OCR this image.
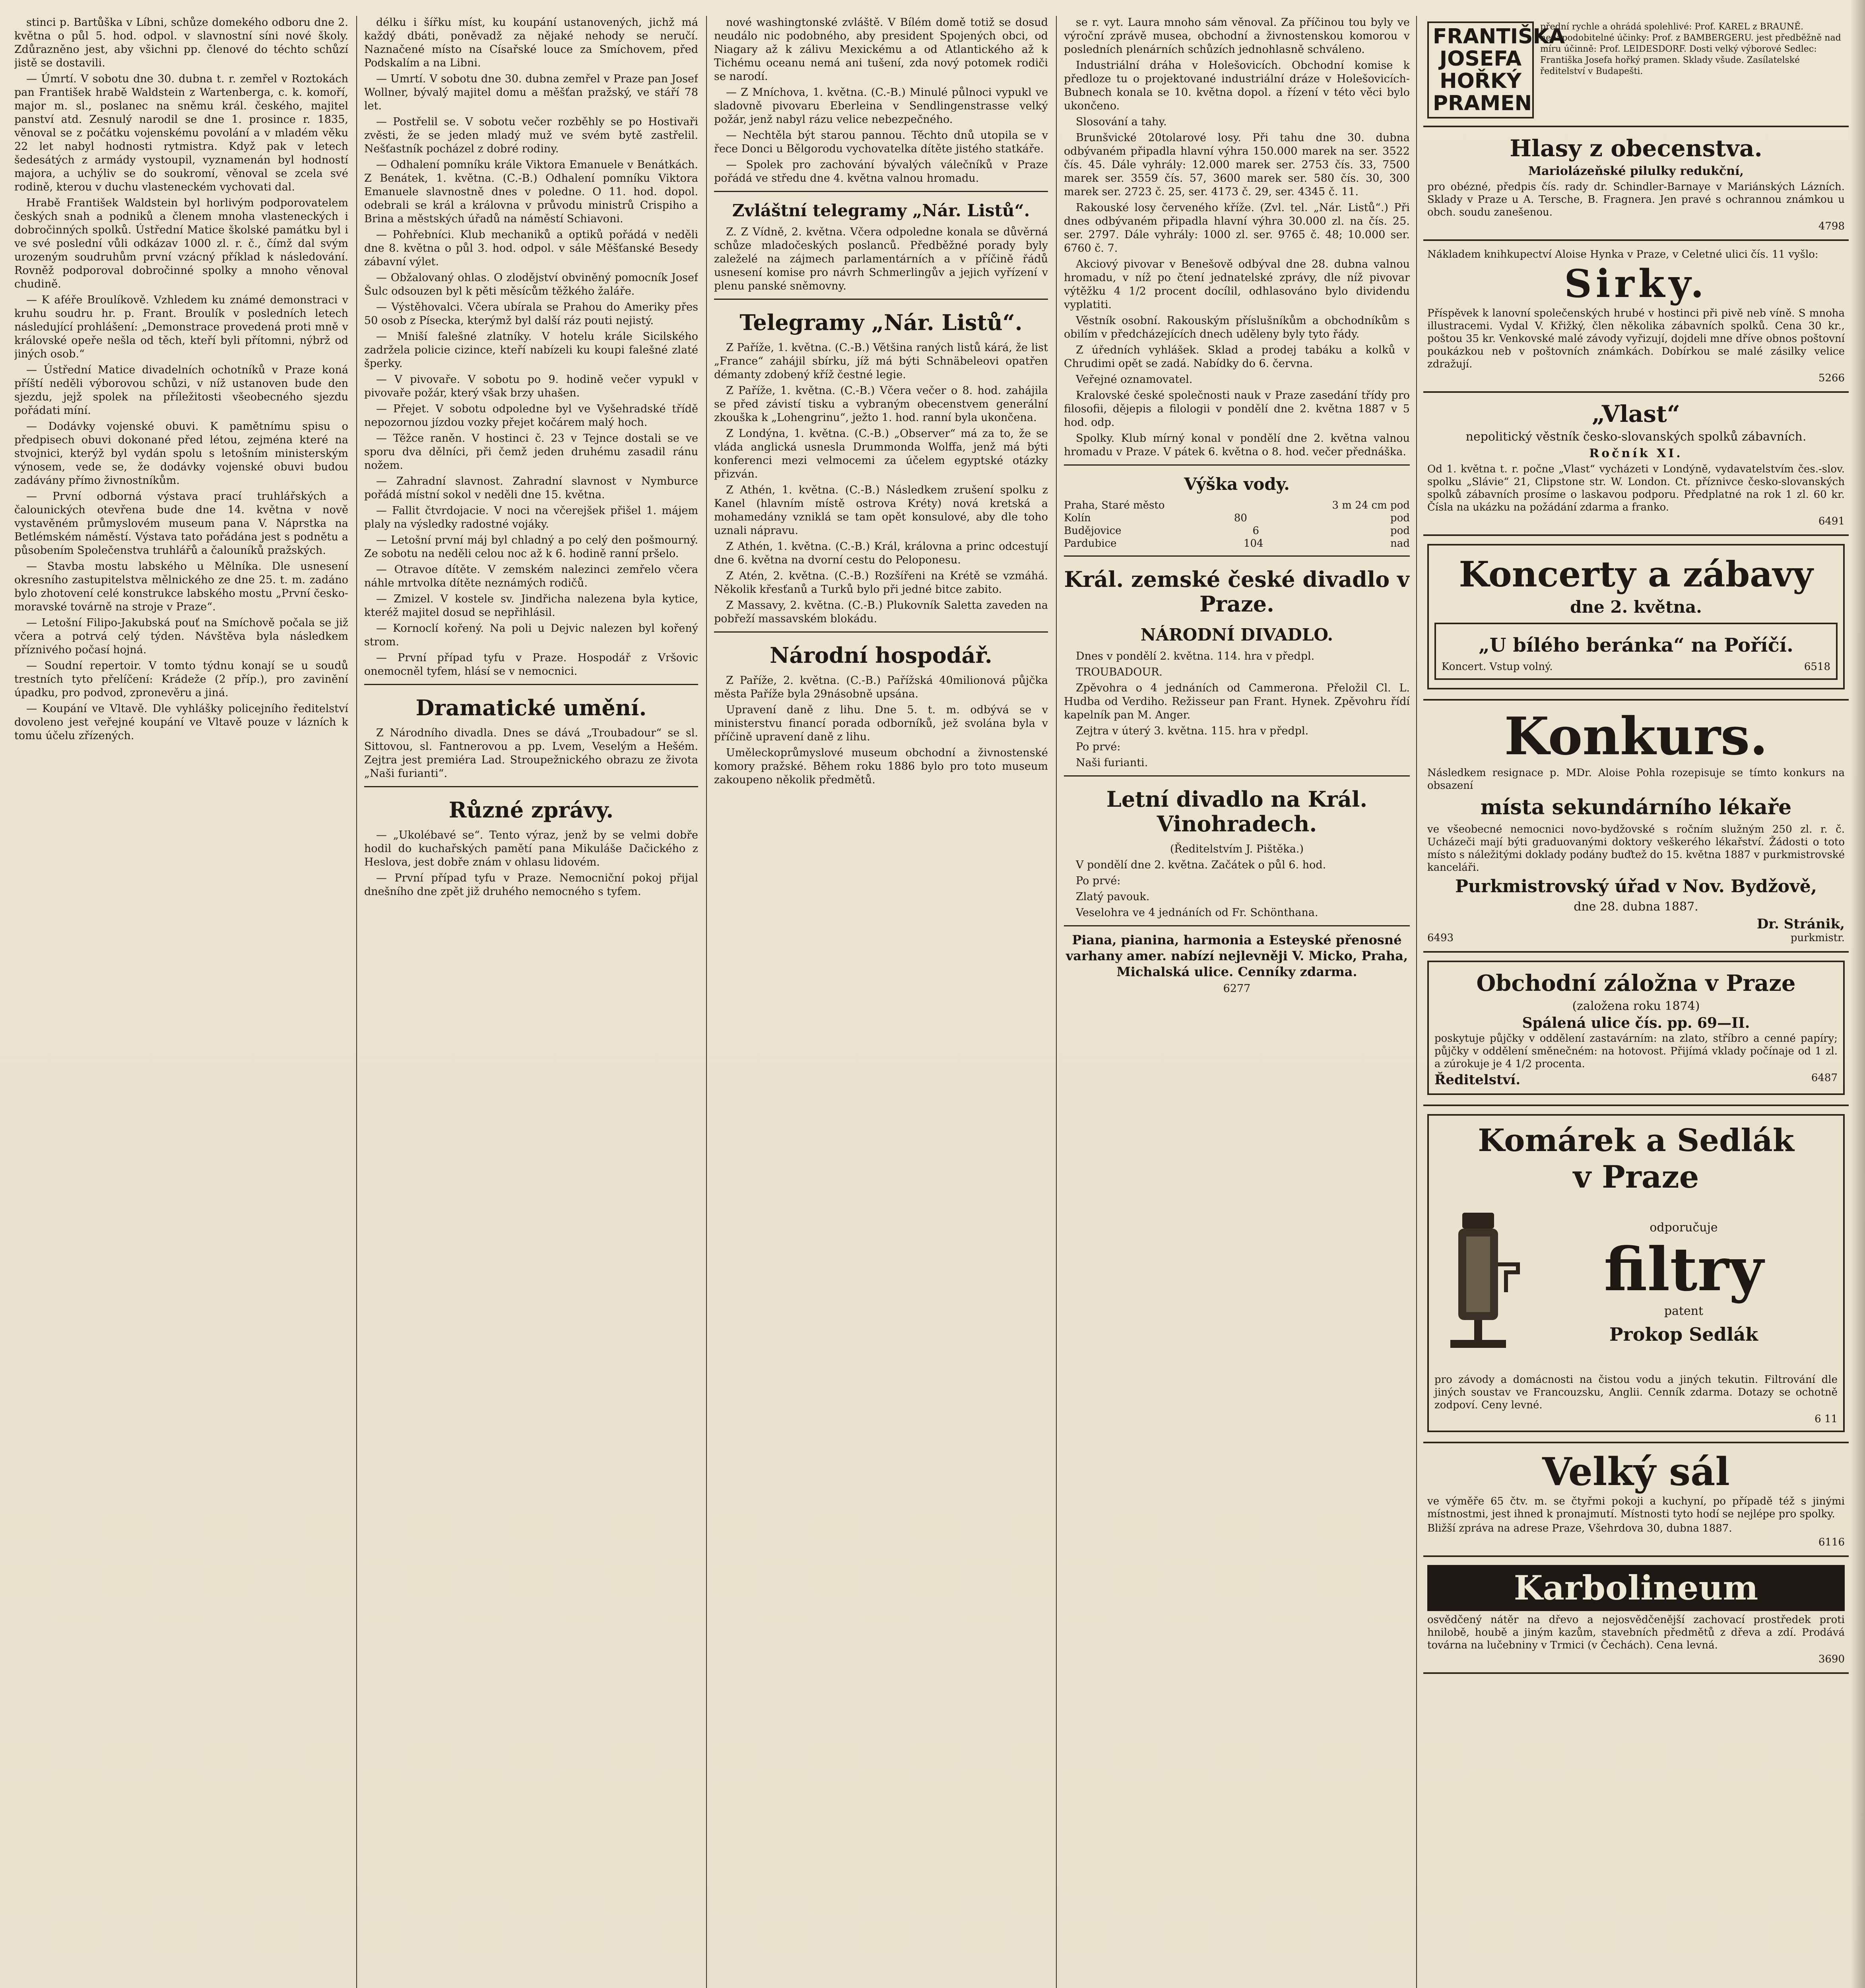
stinci p. Bartůška v Líbni, schůze domekého odboru dne 2. května o půl 5. hod. odpol. v slavnostní síni nové školy. Zdůrazněno jest, aby všichni pp. členové do téchto schůzí jistě se dostavili.

— Úmrtí. V sobotu dne 30. dubna t. r. zemřel v Roztokách pan František hrabě Waldstein z Wartenberga, c. k. komoří, major m. sl., poslanec na sněmu král. českého, majitel panství atd. Zesnulý narodil se dne 1. prosince r. 1835, věnoval se z počátku vojenskému povolání a v mladém věku 22 let nabyl hodnosti rytmistra. Když pak v letech šedesátých z armády vystoupil, vyznamenán byl hodností majora, a uchýliv se do soukromí, věnoval se zcela své rodině, kterou v duchu vlasteneckém vychovati dal.

Hrabě František Waldstein byl horlivým podporovatelem českých snah a podniků a členem mnoha vlasteneckých i dobročinných spolků. Ústřední Matice školské památku byl i ve své poslední vůli odkázav 1000 zl. r. č., čímž dal svým urozeným soudruhům první vzácný příklad k následování. Rovněž podporoval dobročinné spolky a mnoho věnoval chudině.

— K aféře Broulíkově. Vzhledem ku známé demonstraci v kruhu soudru hr. p. Frant. Broulík v posledních letech následující prohlášení: „Demonstrace provedená proti mně v královské opeře nešla od těch, kteří byli přítomni, nýbrž od jiných osob.“

— Ústřední Matice divadelních ochotníků v Praze koná příští neděli výborovou schůzi, v níž ustanoven bude den sjezdu, jejž spolek na příležitosti všeobecného sjezdu pořádati míní.

— Dodávky vojenské obuvi. K pamětnímu spisu o předpisech obuvi dokonané před létou, zejména které na stvojnici, kterýž byl vydán spolu s letošním ministerským výnosem, vede se, že dodávky vojenské obuvi budou zadávány přímo živnostníkům.

— První odborná výstava prací truhlářských a čalounických otevřena bude dne 14. května v nově vystavěném průmyslovém museum pana V. Náprstka na Betlémském náměstí. Výstava tato pořádána jest s podnětu a působením Společenstva truhlářů a čalouníků pražských.

— Stavba mostu labského u Mělníka. Dle usnesení okresního zastupitelstva mělnického ze dne 25. t. m. zadáno bylo zhotovení celé konstrukce labského mostu „První česko-moravské továrně na stroje v Praze“.

— Letošní Filipo-Jakubská pouť na Smíchově počala se již včera a potrvá celý týden. Návštěva byla následkem příznivého počasí hojná.

— Soudní repertoir. V tomto týdnu konají se u soudů trestních tyto přelíčení: Krádeže (2 příp.), pro zavinění úpadku, pro podvod, zpronevěru a jiná.

— Koupání ve Vltavě. Dle vyhlášky policejního ředitelství dovoleno jest veřejné koupání ve Vltavě pouze v lázních k tomu účelu zřízených.

délku i šířku míst, ku koupání ustanovených, jichž má každý dbáti, poněvadž za nějaké nehody se neručí. Naznačené místo na Císařské louce za Smíchovem, před Podskalím a na Libni.

— Umrtí. V sobotu dne 30. dubna zemřel v Praze pan Josef Wollner, bývalý majitel domu a měšťan pražský, ve stáří 78 let.

— Postřelil se. V sobotu večer rozběhly se po Hostivaři zvěsti, že se jeden mladý muž ve svém bytě zastřelil. Nešťastník pocházel z dobré rodiny.

— Odhalení pomníku krále Viktora Emanuele v Benátkách. Z Benátek, 1. května. (C.-B.) Odhalení pomníku Viktora Emanuele slavnostně dnes v poledne. O 11. hod. dopol. odebrali se král a královna v průvodu ministrů Crispiho a Brina a městských úřadů na náměstí Schiavoni.

— Pohřebníci. Klub mechaniků a optiků pořádá v neděli dne 8. května o půl 3. hod. odpol. v sále Měšťanské Besedy zábavní výlet.

— Obžalovaný ohlas. O zlodějství obviněný pomocník Josef Šulc odsouzen byl k pěti měsícům těžkého žaláře.

— Výstěhovalci. Včera ubírala se Prahou do Ameriky přes 50 osob z Písecka, kterýmž byl další ráz pouti nejistý.

— Mniší falešné zlatníky. V hotelu krále Sicilského zadržela policie cizince, kteří nabízeli ku koupi falešné zlaté šperky.

— V pivovaře. V sobotu po 9. hodině večer vypukl v pivovaře požár, který však brzy uhašen.

— Přejet. V sobotu odpoledne byl ve Vyšehradské třídě nepozornou jízdou vozky přejet kočárem malý hoch.

— Těžce raněn. V hostinci č. 23 v Tejnce dostali se ve sporu dva dělníci, při čemž jeden druhému zasadil ránu nožem.

— Zahradní slavnost. Zahradní slavnost v Nymburce pořádá místní sokol v neděli dne 15. května.

— Fallit čtvrdojacie. V noci na včerejšek přišel 1. májem plaly na výsledky radostné vojáky.

— Letošní první máj byl chladný a po celý den pošmourný. Ze sobotu na neděli celou noc až k 6. hodině ranní pršelo.

— Otravoe dítěte. V zemském nalezinci zemřelo včera náhle mrtvolka dítěte neznámých rodičů.

— Zmizel. V kostele sv. Jindřicha nalezena byla kytice, kteréž majitel dosud se nepřihlásil.

— Kornoclí kořený. Na poli u Dejvic nalezen byl kořený strom.

— První případ tyfu v Praze. Hospodář z Vršovic onemocněl tyfem, hlásí se v nemocnici.

Dramatické umění.

Z Národního divadla. Dnes se dává „Troubadour“ se sl. Sittovou, sl. Fantnerovou a pp. Lvem, Veselým a Hešém. Zejtra jest premiéra Lad. Stroupežnického obrazu ze života „Naši furianti“.

Různé zprávy.

— „Ukolébavé se“. Tento výraz, jenž by se velmi dobře hodil do kuchařských pamětí pana Mikuláše Dačického z Heslova, jest dobře znám v ohlasu lidovém.

— První případ tyfu v Praze. Nemocniční pokoj přijal dnešního dne zpět již druhého nemocného s tyfem.

nové washingtonské zvláště. V Bílém domě totiž se dosud neudálo nic podobného, aby president Spojených obci, od Niagary až k zálivu Mexickému a od Atlantického až k Tichému oceanu nemá ani tušení, zda nový potomek rodiči se narodí.

— Z Mníchova, 1. května. (C.-B.) Minulé půlnoci vypukl ve sladovně pivovaru Eberleina v Sendlingenstrasse velký požár, jenž nabyl rázu velice nebezpečného.

— Nechtěla být starou pannou. Těchto dnů utopila se v řece Donci u Bělgorodu vychovatelka dítěte jistého statkáře.

— Spolek pro zachování bývalých válečníků v Praze pořádá ve středu dne 4. května valnou hromadu.

Zvláštní telegramy „Nár. Listů“.

Z. Z Vídně, 2. května. Včera odpoledne konala se důvěrná schůze mladočeských poslanců. Předběžné porady byly zaleželé na zájmech parlamentárních a v příčině řádů usnesení komise pro návrh Schmerlingův a jejich vyřízení v plenu panské sněmovny.

Telegramy „Nár. Listů“.

Z Paříže, 1. května. (C.-B.) Většina raných listů kárá, že list „France“ zahájil sbírku, jíž má býti Schnäbeleovi opatřen démanty zdobený kříž čestné legie.

Z Paříže, 1. května. (C.-B.) Včera večer o 8. hod. zahájila se před závistí tisku a vybraným obecenstvem generální zkouška k „Lohengrinu“, ježto 1. hod. ranní byla ukončena.

Z Londýna, 1. května. (C.-B.) „Observer“ má za to, že se vláda anglická usnesla Drummonda Wolffa, jenž má býti konferenci mezi velmocemi za účelem egyptské otázky přizván.

Z Athén, 1. května. (C.-B.) Následkem zrušení spolku z Kanel (hlavním místě ostrova Kréty) nová kretská a mohamedány vzniklá se tam opět konsulové, aby dle toho uznali nápravu.

Z Athén, 1. května. (C.-B.) Král, královna a princ odcestují dne 6. května na dvorní cestu do Peloponesu.

Z Atén, 2. května. (C.-B.) Rozšířeni na Krétě se vzmáhá. Několik křesťanů a Turků bylo při jedné bitce zabito.

Z Massavy, 2. května. (C.-B.) Plukovník Saletta zaveden na pobřeží massavském blokádu.

Národní hospodář.

Z Paříže, 2. května. (C.-B.) Pařížská 40milionová půjčka města Paříže byla 29násobně upsána.

Upravení daně z lihu. Dne 5. t. m. odbývá se v ministerstvu financí porada odborníků, jež svolána byla v příčině upravení daně z lihu.

Uměleckoprůmyslové museum obchodní a živnostenské komory pražské. Během roku 1886 bylo pro toto museum zakoupeno několik předmětů.

se r. vyt. Laura mnoho sám věnoval. Za příčinou tou byly ve výroční zprávě musea, obchodní a živnostenskou komorou v posledních plenárních schůzích jednohlasně schváleno.

Industriální dráha v Holešovicích. Obchodní komise k předloze tu o projektované industriální dráze v Holešovicích-Bubnech konala se 10. května dopol. a řízení v této věci bylo ukončeno.

Slosování a tahy.

Brunšvické 20tolarové losy. Při tahu dne 30. dubna odbývaném připadla hlavní výhra 150.000 marek na ser. 3522 čís. 45. Dále vyhrály: 12.000 marek ser. 2753 čís. 33, 7500 marek ser. 3559 čís. 57, 3600 marek ser. 580 čís. 30, 300 marek ser. 2723 č. 25, ser. 4173 č. 29, ser. 4345 č. 11.

Rakouské losy červeného kříže. (Zvl. tel. „Nár. Listů“.) Při dnes odbývaném připadla hlavní výhra 30.000 zl. na čís. 25. ser. 2797. Dále vyhrály: 1000 zl. ser. 9765 č. 48; 10.000 ser. 6760 č. 7.

Akciový pivovar v Benešově odbýval dne 28. dubna valnou hromadu, v níž po čtení jednatelské zprávy, dle níž pivovar výtěžku 4 1/2 procent docílil, odhlasováno bylo dividendu vyplatiti.

Věstník osobní. Rakouským příslušníkům a obchodníkům s obilím v předcházejících dnech uděleny byly tyto řády.

Z úředních vyhlášek. Sklad a prodej tabáku a kolků v Chrudimi opět se zadá. Nabídky do 6. června.

Veřejné oznamovatel.

Kralovské české společnosti nauk v Praze zasedání třídy pro filosofii, dějepis a filologii v pondělí dne 2. května 1887 v 5 hod. odp.

Spolky. Klub mírný konal v pondělí dne 2. května valnou hromadu v Praze. V pátek 6. května o 8. hod. večer přednáška.

Výška vody.
Praha, Staré město	3 m 24 cm pod
Kolín	80	pod
Budějovice	6	pod
Pardubice	104	nad
Král. zemské české divadlo v Praze.
NÁRODNÍ DIVADLO.

Dnes v pondělí 2. května. 114. hra v předpl.

TROUBADOUR.

Zpěvohra o 4 jednáních od Cammerona. Přeložil Cl. L. Hudba od Verdiho. Režisseur pan Frant. Hynek. Zpěvohru řídí kapelník pan M. Anger.

Zejtra v úterý 3. května. 115. hra v předpl.

Po prvé:

Naši furianti.

Letní divadlo na Král. Vinohradech.

(Ředitelstvím J. Pištěka.)

V pondělí dne 2. května. Začátek o půl 6. hod.

Po prvé:

Zlatý pavouk.

Veselohra ve 4 jednáních od Fr. Schönthana.

Piana, pianina, harmonia a Esteyské přenosné varhany amer. nabízí nejlevněji V. Micko, Praha, Michalská ulice. Cenníky zdarma.

6277

FRANTIŠKA
JOSEFA
HOŘKÝ
PRAMEN
přední rychle a ohrádá spolehlivé: Prof. KAREL z BRAUNĚ. nenapodobitelné účinky: Prof. z BAMBERGERU. jest předběžně nad míru účinně: Prof. LEIDESDORF. Dosti velký výborové Sedlec: Františka Josefa hořký pramen. Sklady všude. Zasílatelské ředitelství v Budapešti.
Hlasy z obecenstva.
Mariolázeňské pilulky redukční,

pro obézné, předpis čís. rady dr. Schindler-Barnaye v Mariánských Lázních. Sklady v Praze u A. Tersche, B. Fragnera. Jen pravé s ochrannou známkou u obch. soudu zanešenou.

4798

Nákladem knihkupectví Aloise Hynka v Praze, v Celetné ulici čís. 11 vyšlo:

Sirky.

Příspěvek k lanovní společenských hrubé v hostinci při pivě neb víně. S mnoha illustracemi. Vydal V. Křižký, člen několika zábavních spolků. Cena 30 kr., poštou 35 kr. Venkovské malé závody vyřizují, dojdeli mne dříve obnos poštovní poukázkou neb v poštovních známkách. Dobírkou se malé zásilky velice zdražují.

5266
„Vlast“
nepolitický věstník česko-slovanských spolků zábavních.
Ročník XI.

Od 1. května t. r. počne „Vlast“ vycházeti v Londýně, vydavatelstvím čes.-slov. spolku „Slávie“ 21, Clipstone str. W. London. Ct. příznivce česko-slovanských spolků zábavních prosíme o laskavou podporu. Předplatné na rok 1 zl. 60 kr. Čísla na ukázku na požádání zdarma a franko.

6491
Koncerty a zábavy
dne 2. května.
„U bílého beránka“ na Poříčí.
Koncert. Vstup volný.	6518
Konkurs.

Následkem resignace p. MDr. Aloise Pohla rozepisuje se tímto konkurs na obsazení

místa sekundárního lékaře

ve všeobecné nemocnici novo-bydžovské s ročním služným 250 zl. r. č. Ucházeči mají býti graduovanými doktory veškerého lékařství. Žádosti o toto místo s náležitými doklady podány buďtež do 15. května 1887 v purkmistrovské kanceláři.

Purkmistrovský úřad v Nov. Bydžově,
dne 28. dubna 1887.
6493
Dr. Stránik,
purkmistr.
Obchodní záložna v Praze
(založena roku 1874)
Spálená ulice čís. pp. 69—II.

poskytuje půjčky v oddělení zastavárním: na zlato, stříbro a cenné papíry; půjčky v oddělení směnečném: na hotovost. Přijímá vklady počínaje od 1 zl. a zúrokuje je 4 1/2 procenta.

Ředitelství.	6487
Komárek a Sedlák
v Praze
odporučuje
filtry
patent
Prokop Sedlák

pro závody a domácnosti na čistou vodu a jiných tekutin. Filtrování dle jiných soustav ve Francouzsku, Anglii. Cenník zdarma. Dotazy se ochotně zodpoví. Ceny levné.

6 11
Velký sál

ve výměře 65 čtv. m. se čtyřmi pokoji a kuchyní, po případě též s jinými místnostmi, jest ihned k pronajmutí. Místnosti tyto hodí se nejlépe pro spolky.

Bližší zpráva na adrese Praze, Všehrdova 30, dubna 1887.

6116
Karbolineum

osvědčený nátěr na dřevo a nejosvědčenější zachovací prostředek proti hnilobě, houbě a jiným kazům, stavebních předmětů z dřeva a zdí. Prodává továrna na lučebniny v Trmici (v Čechách). Cena levná.

3690
